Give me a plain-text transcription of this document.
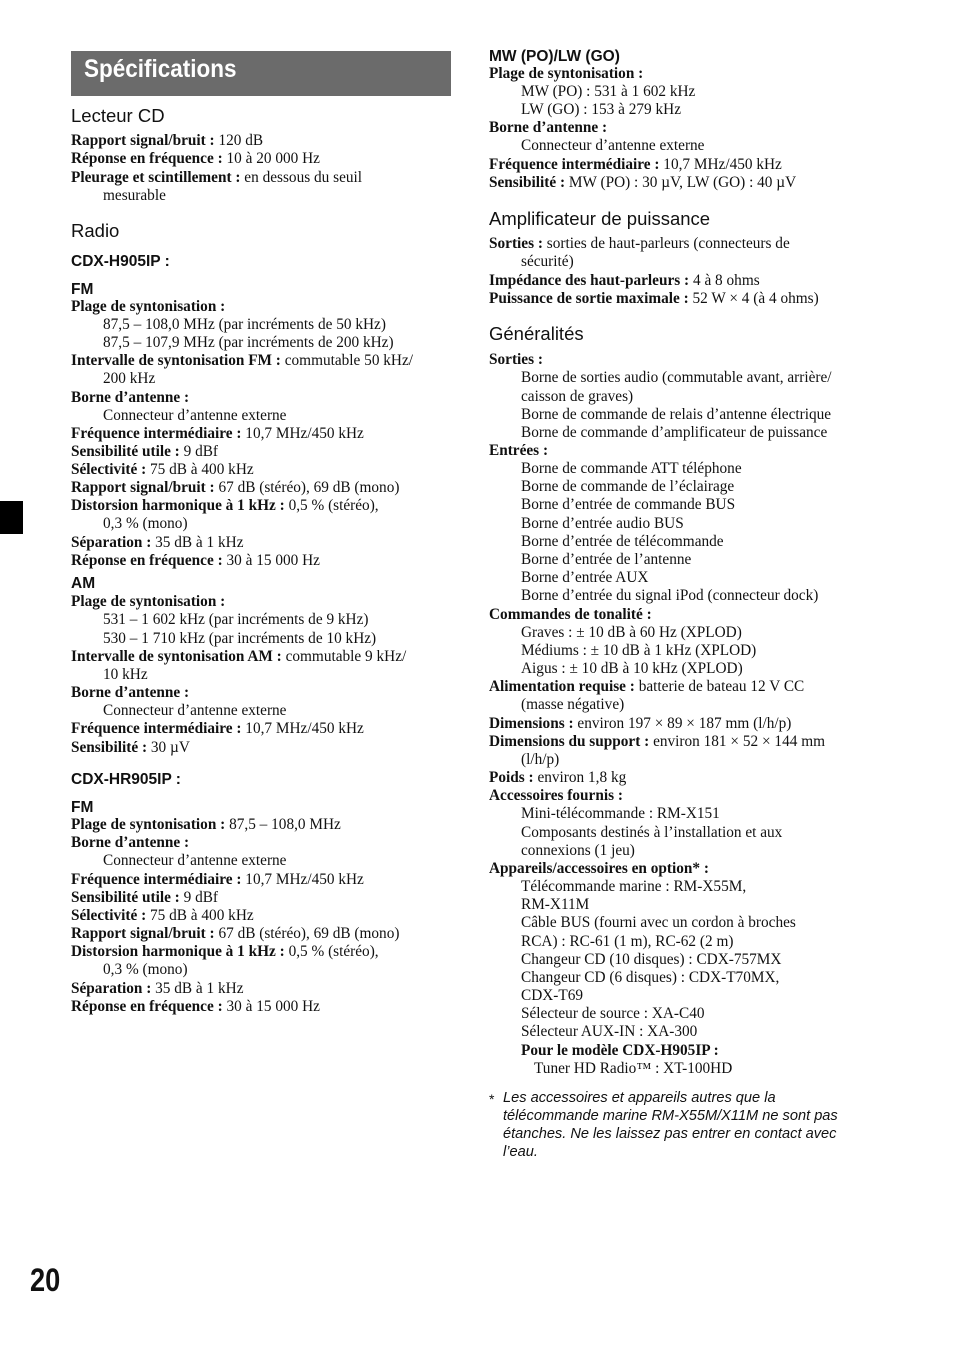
Spécifications
20
Lecteur CD
Rapport signal/bruit : 120 dB
Réponse en fréquence : 10 à 20 000 Hz
Pleurage et scintillement : en dessous du seuil
mesurable
Radio
CDX-H905IP :
FM
Plage de syntonisation :
87,5 – 108,0 MHz (par incréments de 50 kHz)
87,5 – 107,9 MHz (par incréments de 200 kHz)
Intervalle de syntonisation FM : commutable 50 kHz/
200 kHz
Borne d’antenne :
Connecteur d’antenne externe
Fréquence intermédiaire : 10,7 MHz/450 kHz
Sensibilité utile : 9 dBf
Sélectivité : 75 dB à 400 kHz
Rapport signal/bruit : 67 dB (stéréo), 69 dB (mono)
Distorsion harmonique à 1 kHz : 0,5 % (stéréo),
0,3 % (mono)
Séparation : 35 dB à 1 kHz
Réponse en fréquence : 30 à 15 000 Hz
AM
Plage de syntonisation :
531 – 1 602 kHz (par incréments de 9 kHz)
530 – 1 710 kHz (par incréments de 10 kHz)
Intervalle de syntonisation AM : commutable 9 kHz/
10 kHz
Borne d’antenne :
Connecteur d’antenne externe
Fréquence intermédiaire : 10,7 MHz/450 kHz
Sensibilité : 30 µV
CDX-HR905IP :
FM
Plage de syntonisation : 87,5 – 108,0 MHz
Borne d’antenne :
Connecteur d’antenne externe
Fréquence intermédiaire : 10,7 MHz/450 kHz
Sensibilité utile : 9 dBf
Sélectivité : 75 dB à 400 kHz
Rapport signal/bruit : 67 dB (stéréo), 69 dB (mono)
Distorsion harmonique à 1 kHz : 0,5 % (stéréo),
0,3 % (mono)
Séparation : 35 dB à 1 kHz
Réponse en fréquence : 30 à 15 000 Hz
MW (PO)/LW (GO)
Plage de syntonisation :
MW (PO) : 531 à 1 602 kHz
LW (GO) : 153 à 279 kHz
Borne d’antenne :
Connecteur d’antenne externe
Fréquence intermédiaire : 10,7 MHz/450 kHz
Sensibilité : MW (PO) : 30 µV, LW (GO) : 40 µV
Amplificateur de puissance
Sorties : sorties de haut-parleurs (connecteurs de
sécurité)
Impédance des haut-parleurs : 4 à 8 ohms
Puissance de sortie maximale : 52 W × 4 (à 4 ohms)
Généralités
Sorties :
Borne de sorties audio (commutable avant, arrière/
caisson de graves)
Borne de commande de relais d’antenne électrique
Borne de commande d’amplificateur de puissance
Entrées :
Borne de commande ATT téléphone
Borne de commande de l’éclairage
Borne d’entrée de commande BUS
Borne d’entrée audio BUS
Borne d’entrée de télécommande
Borne d’entrée de l’antenne
Borne d’entrée AUX
Borne d’entrée du signal iPod (connecteur dock)
Commandes de tonalité :
Graves : ± 10 dB à 60 Hz (XPLOD)
Médiums : ± 10 dB à 1 kHz (XPLOD)
Aigus : ± 10 dB à 10 kHz (XPLOD)
Alimentation requise : batterie de bateau 12 V CC
(masse négative)
Dimensions : environ 197 × 89 × 187 mm (l/h/p)
Dimensions du support : environ 181 × 52 × 144 mm
(l/h/p)
Poids : environ 1,8 kg
Accessoires fournis :
Mini-télécommande : RM-X151
Composants destinés à l’installation et aux
connexions (1 jeu)
Appareils/accessoires en option* :
Télécommande marine : RM-X55M,
RM-X11M
Câble BUS (fourni avec un cordon à broches
RCA) : RC-61 (1 m), RC-62 (2 m)
Changeur CD (10 disques) : CDX-757MX
Changeur CD (6 disques) : CDX-T70MX,
CDX-T69
Sélecteur de source : XA-C40
Sélecteur AUX-IN : XA-300
Pour le modèle CDX-H905IP :
Tuner HD Radio™ : XT-100HD
* Les accessoires et appareils autres que la
télécommande marine RM-X55M/X11M ne sont pas
étanches. Ne les laissez pas entrer en contact avec
l’eau.
